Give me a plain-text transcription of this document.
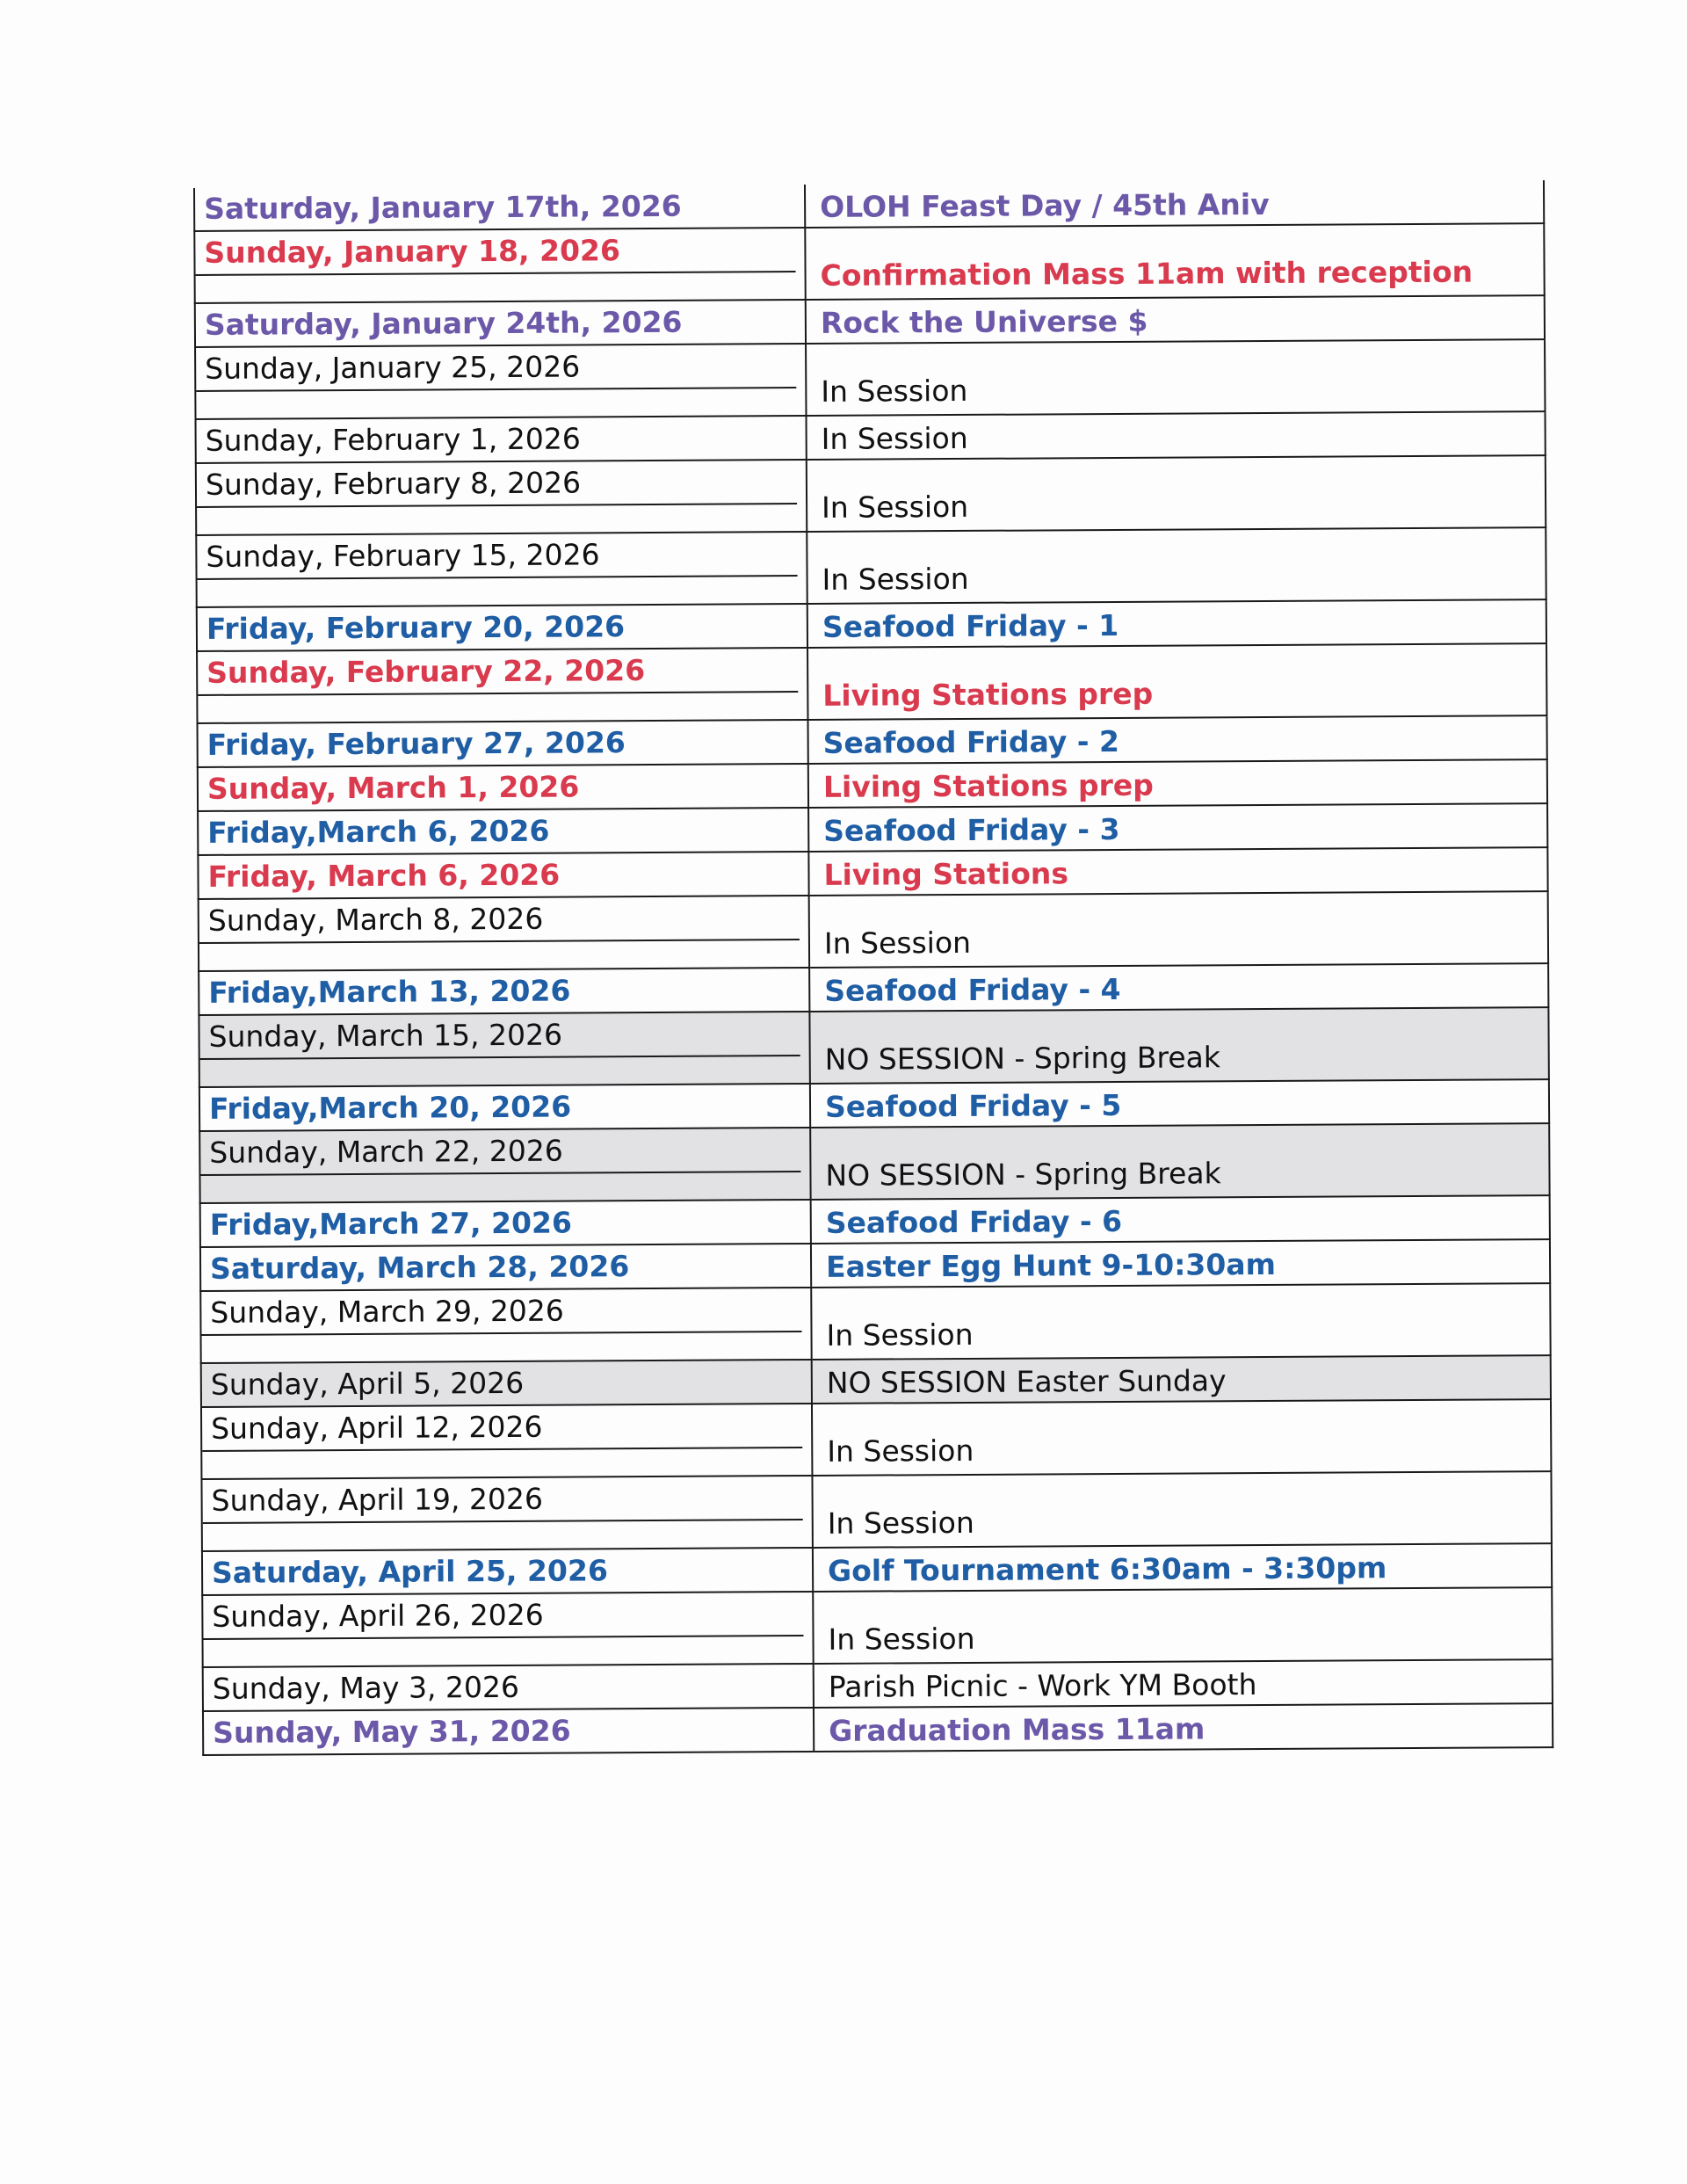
Saturday, January 17th, 2026	OLOH Feast Day / 45th Aniv

Sunday, January 18, 2026	Confirmation Mass 11am with reception

Saturday, January 24th, 2026	Rock the Universe $

Sunday, January 25, 2026	In Session

Sunday, February 1, 2026	In Session

Sunday, February 8, 2026	In Session

Sunday, February 15, 2026	In Session

Friday, February 20, 2026	Seafood Friday - 1

Sunday, February 22, 2026	Living Stations prep

Friday, February 27, 2026	Seafood Friday - 2

Sunday, March 1, 2026	Living Stations prep

Friday,March 6, 2026	Seafood Friday - 3

Friday, March 6, 2026	Living Stations

Sunday, March 8, 2026	In Session

Friday,March 13, 2026	Seafood Friday - 4

Sunday, March 15, 2026	NO SESSION - Spring Break

Friday,March 20, 2026	Seafood Friday - 5

Sunday, March 22, 2026	NO SESSION - Spring Break

Friday,March 27, 2026	Seafood Friday - 6

Saturday, March 28, 2026	Easter Egg Hunt 9-10:30am

Sunday, March 29, 2026	In Session

Sunday, April 5, 2026	NO SESSION Easter Sunday

Sunday, April 12, 2026	In Session

Sunday, April 19, 2026	In Session

Saturday, April 25, 2026	Golf Tournament 6:30am - 3:30pm

Sunday, April 26, 2026	In Session

Sunday, May 3, 2026	Parish Picnic - Work YM Booth

Sunday, May 31, 2026	Graduation Mass 11am
